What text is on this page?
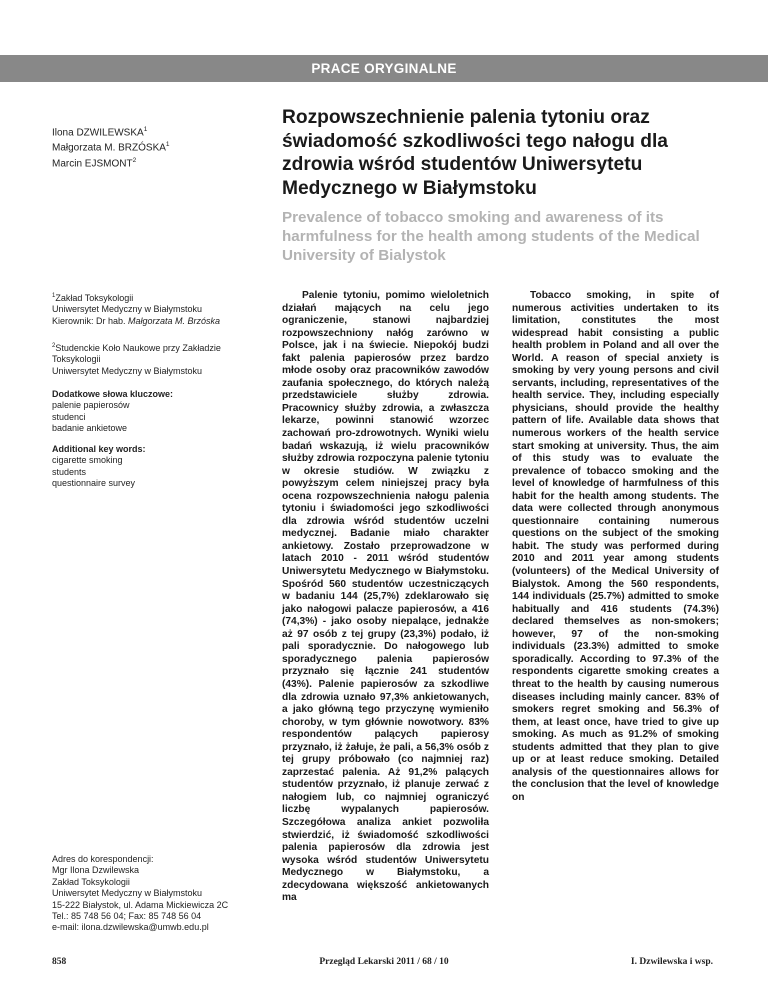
PRACE ORYGINALNE
Ilona DZWILEWSKA$^1$
Małgorzata M. BRZÓSKA$^1$
Marcin EJSMONT$^2$
Rozpowszechnienie palenia tytoniu oraz świadomość szkodliwości tego nałogu dla zdrowia wśród studentów Uniwersytetu Medycznego w Białymstoku
Prevalence of tobacco smoking and awareness of its harmfulness for the health among students of the Medical University of Bialystok
$^1$Zakład Toksykologii
Uniwersytet Medyczny w Białymstoku
Kierownik: Dr hab. Małgorzata M. Brzóska
$^2$Studenckie Koło Naukowe przy Zakładzie
Toksykologii
Uniwersytet Medyczny w Białymstoku
Dodatkowe słowa kluczowe:
palenie papierosów
studenci
badanie ankietowe
Additional key words:
cigarette smoking
students
questionnaire survey
Adres do korespondencji:
Mgr Ilona Dzwilewska
Zakład Toksykologii
Uniwersytet Medyczny w Białymstoku
15-222 Białystok, ul. Adama Mickiewicza 2C
Tel.: 85 748 56 04; Fax: 85 748 56 04
e-mail: ilona.dzwilewska@umwb.edu.pl

Palenie tytoniu, pomimo wieloletnich działań mających na celu jego ograniczenie, stanowi najbardziej rozpowszechniony nałóg zarówno w Polsce, jak i na świecie. Niepokój budzi fakt palenia papierosów przez bardzo młode osoby oraz pracowników zawodów zaufania społecznego, do których należą przedstawiciele służby zdrowia. Pracownicy służby zdrowia, a zwłaszcza lekarze, powinni stanowić wzorzec zachowań pro-zdrowotnych. Wyniki wielu badań wskazują, iż wielu pracowników służby zdrowia rozpoczyna palenie tytoniu w okresie studiów. W związku z powyższym celem niniejszej pracy była ocena rozpowszechnienia nałogu palenia tytoniu i świadomości jego szkodliwości dla zdrowia wśród studentów uczelni medycznej. Badanie miało charakter ankietowy. Zostało przeprowadzone w latach 2010 - 2011 wśród studentów Uniwersytetu Medycznego w Białymstoku. Spośród 560 studentów uczestniczących w badaniu 144 (25,7%) zdeklarowało się jako nałogowi palacze papierosów, a 416 (74,3%) - jako osoby niepalące, jednakże aż 97 osób z tej grupy (23,3%) podało, iż pali sporadycznie. Do nałogowego lub sporadycznego palenia papierosów przyznało się łącznie 241 studentów (43%). Palenie papierosów za szkodliwe dla zdrowia uznało 97,3% ankietowanych, a jako główną tego przyczynę wymieniło choroby, w tym głównie nowotwory. 83% respondentów palących papierosy przyznało, iż żałuje, że pali, a 56,3% osób z tej grupy próbowało (co najmniej raz) zaprzestać palenia. Aż 91,2% palących studentów przyznało, iż planuje zerwać z nałogiem lub, co najmniej ograniczyć liczbę wypalanych papierosów. Szczegółowa analiza ankiet pozwoliła stwierdzić, iż świadomość szkodliwości palenia papierosów dla zdrowia jest wysoka wśród studentów Uniwersytetu Medycznego w Białymstoku, a zdecydowana większość ankietowanych ma

Tobacco smoking, in spite of numerous activities undertaken to its limitation, constitutes the most widespread habit consisting a public health problem in Poland and all over the World. A reason of special anxiety is smoking by very young persons and civil servants, including, representatives of the health service. They, including especially physicians, should provide the healthy pattern of life. Available data shows that numerous workers of the health service start smoking at university. Thus, the aim of this study was to evaluate the prevalence of tobacco smoking and the level of knowledge of harmfulness of this habit for the health among students. The data were collected through anonymous questionnaire containing numerous questions on the subject of the smoking habit. The study was performed during 2010 and 2011 year among students (volunteers) of the Medical University of Bialystok. Among the 560 respondents, 144 individuals (25.7%) admitted to smoke habitually and 416 students (74.3%) declared themselves as non-smokers; however, 97 of the non-smoking individuals (23.3%) admitted to smoke sporadically. According to 97.3% of the respondents cigarette smoking creates a threat to the health by causing numerous diseases including mainly cancer. 83% of smokers regret smoking and 56.3% of them, at least once, have tried to give up smoking. As much as 91.2% of smoking students admitted that they plan to give up or at least reduce smoking. Detailed analysis of the questionnaires allows for the conclusion that the level of knowledge on

858	Przegląd Lekarski 2011 / 68 / 10	I. Dzwilewska i wsp.
